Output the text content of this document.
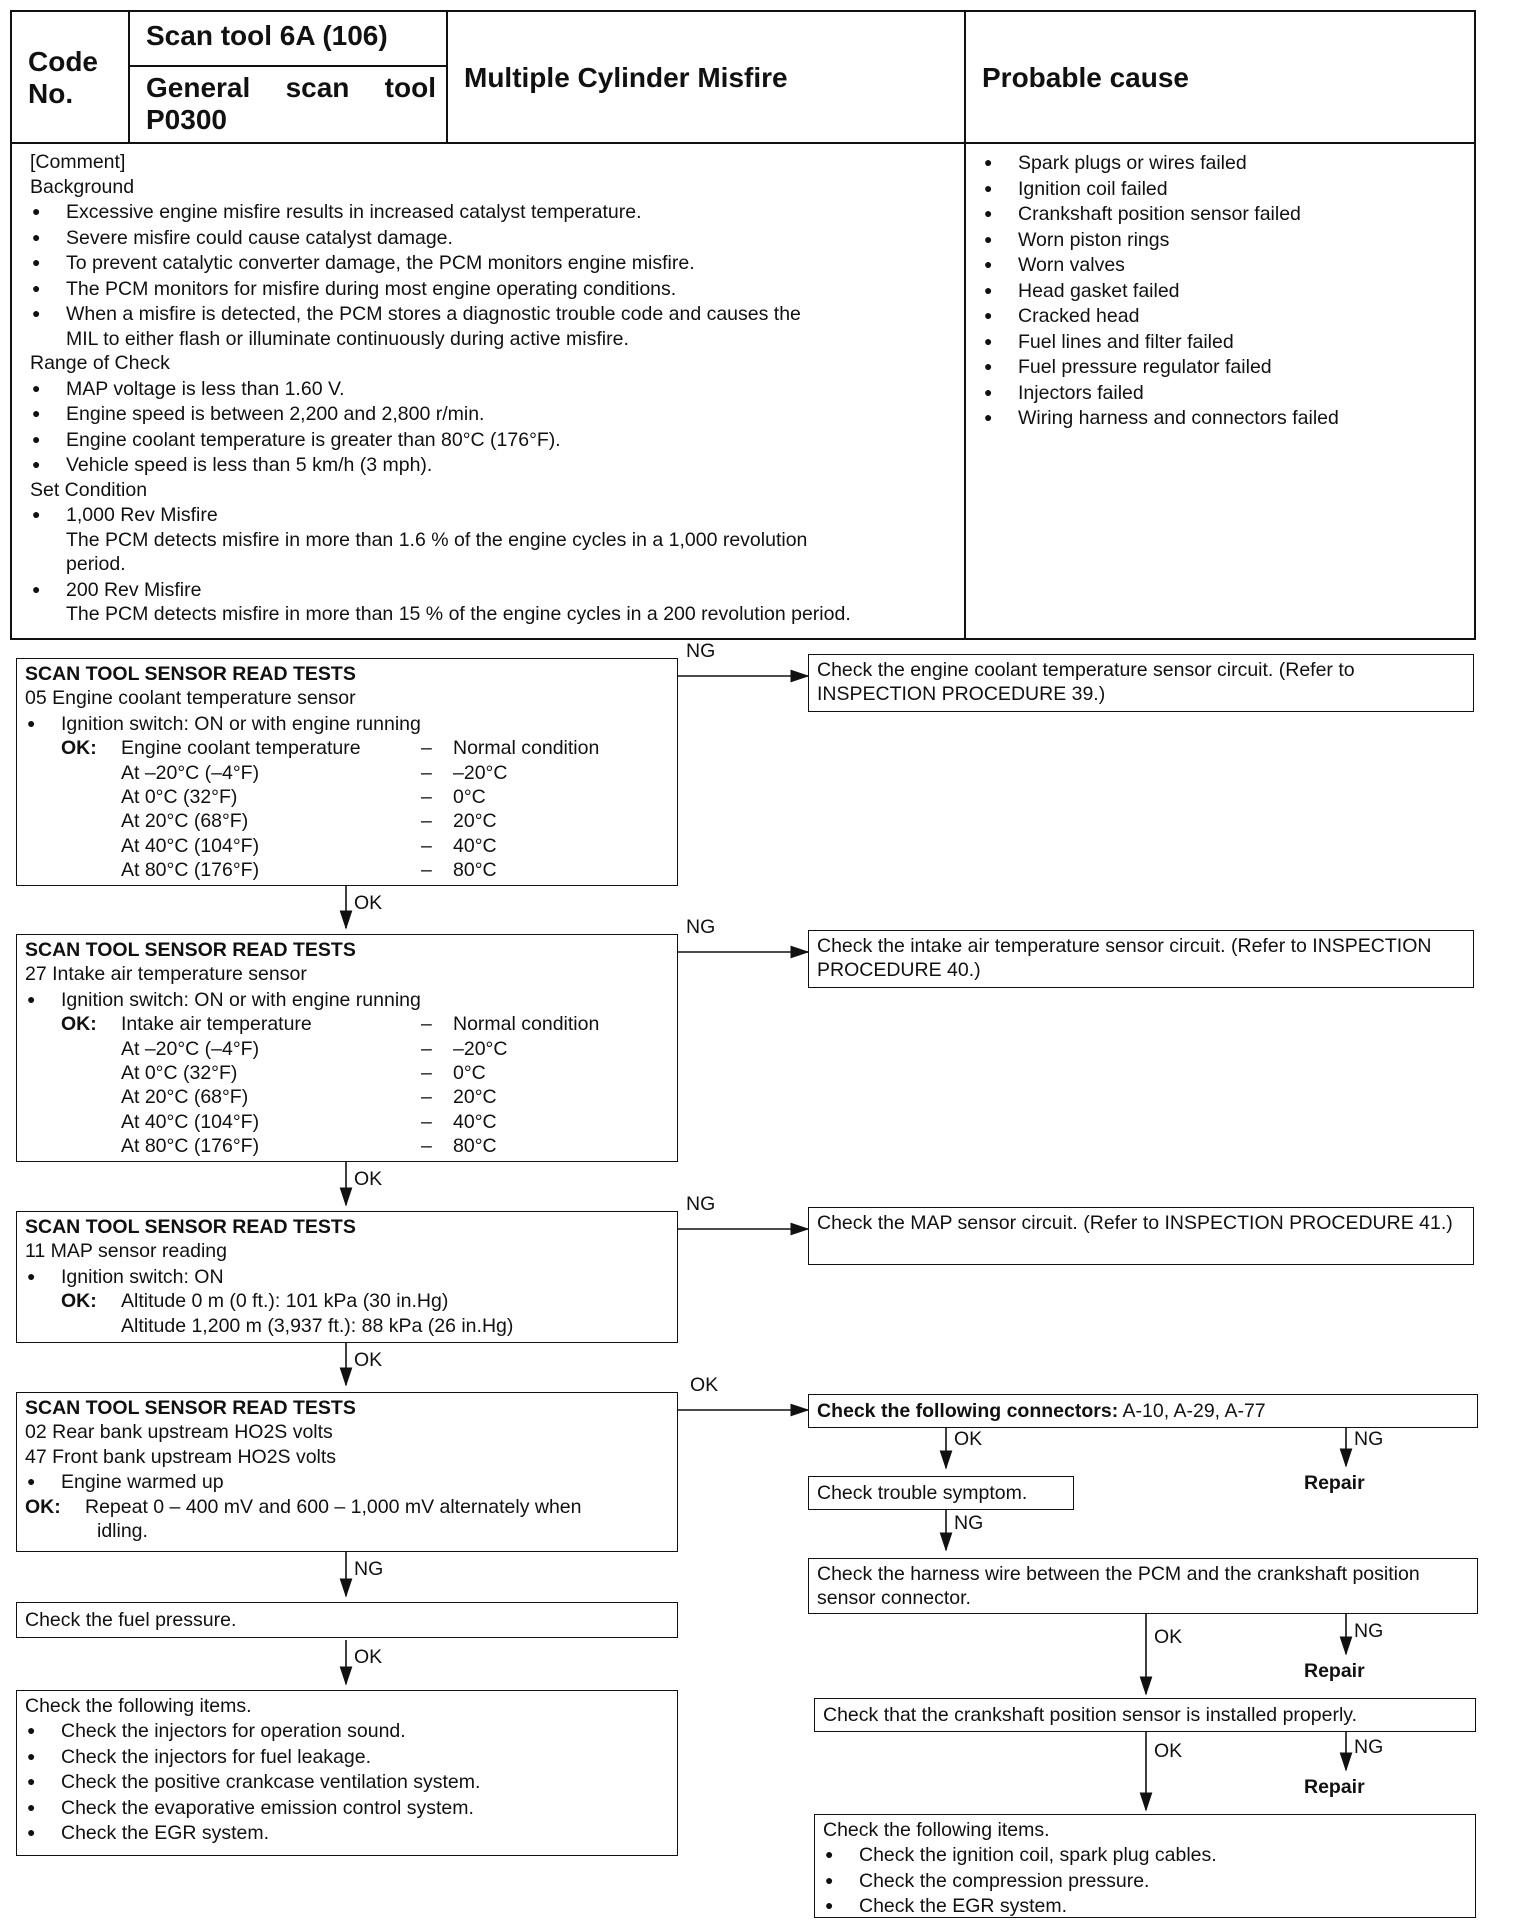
Code
No.
Scan tool 6A (106)
General scan tool
P0300
Multiple Cylinder Misfire	Probable cause
[Comment]
Background
● Excessive engine misfire results in increased catalyst temperature.
● Severe misfire could cause catalyst damage.
● To prevent catalytic converter damage, the PCM monitors engine misfire.
● The PCM monitors for misfire during most engine operating conditions.
● When a misfire is detected, the PCM stores a diagnostic trouble code and causes the
MIL to either flash or illuminate continuously during active misfire.
Range of Check
● MAP voltage is less than 1.60 V.
● Engine speed is between 2,200 and 2,800 r/min.
● Engine coolant temperature is greater than 80°C (176°F).
● Vehicle speed is less than 5 km/h (3 mph).
Set Condition
● 1,000 Rev Misfire
The PCM detects misfire in more than 1.6 % of the engine cycles in a 1,000 revolution
period.
● 200 Rev Misfire
The PCM detects misfire in more than 15 % of the engine cycles in a 200 revolution period.
● Spark plugs or wires failed
● Ignition coil failed
● Crankshaft position sensor failed
● Worn piston rings
● Worn valves
● Head gasket failed
● Cracked head
● Fuel lines and filter failed
● Fuel pressure regulator failed
● Injectors failed
● Wiring harness and connectors failed
NG
NG
NG
OK
OK
OK
OK
NG
OK
OK	NG
Repair
NG
OK	NG
Repair
OK	NG
Repair
SCAN TOOL SENSOR READ TESTS
05 Engine coolant temperature sensor
● Ignition switch: ON or with engine running
OK:	Engine coolant temperature	–	Normal condition
At –20°C (–4°F)	–	–20°C
At 0°C (32°F)	–	0°C
At 20°C (68°F)	–	20°C
At 40°C (104°F)	–	40°C
At 80°C (176°F)	–	80°C
Check the engine coolant temperature sensor circuit. (Refer to INSPECTION PROCEDURE 39.)
SCAN TOOL SENSOR READ TESTS
27 Intake air temperature sensor
● Ignition switch: ON or with engine running
OK:	Intake air temperature	–	Normal condition
At –20°C (–4°F)	–	–20°C
At 0°C (32°F)	–	0°C
At 20°C (68°F)	–	20°C
At 40°C (104°F)	–	40°C
At 80°C (176°F)	–	80°C
Check the intake air temperature sensor circuit. (Refer to INSPECTION PROCEDURE 40.)
SCAN TOOL SENSOR READ TESTS
11 MAP sensor reading
● Ignition switch: ON
OK:	Altitude 0 m (0 ft.): 101 kPa (30 in.Hg)
Altitude 1,200 m (3,937 ft.): 88 kPa (26 in.Hg)
Check the MAP sensor circuit. (Refer to INSPECTION PROCEDURE 41.)
SCAN TOOL SENSOR READ TESTS
02 Rear bank upstream HO2S volts
47 Front bank upstream HO2S volts
● Engine warmed up
OK:	Repeat 0 – 400 mV and 600 – 1,000 mV alternately when
idling.
Check the fuel pressure.
Check the following items.
● Check the injectors for operation sound.
● Check the injectors for fuel leakage.
● Check the positive crankcase ventilation system.
● Check the evaporative emission control system.
● Check the EGR system.
Check the following connectors: A-10, A-29, A-77
Check trouble symptom.
Check the harness wire between the PCM and the crankshaft position sensor connector.
Check that the crankshaft position sensor is installed properly.
Check the following items.
● Check the ignition coil, spark plug cables.
● Check the compression pressure.
● Check the EGR system.
